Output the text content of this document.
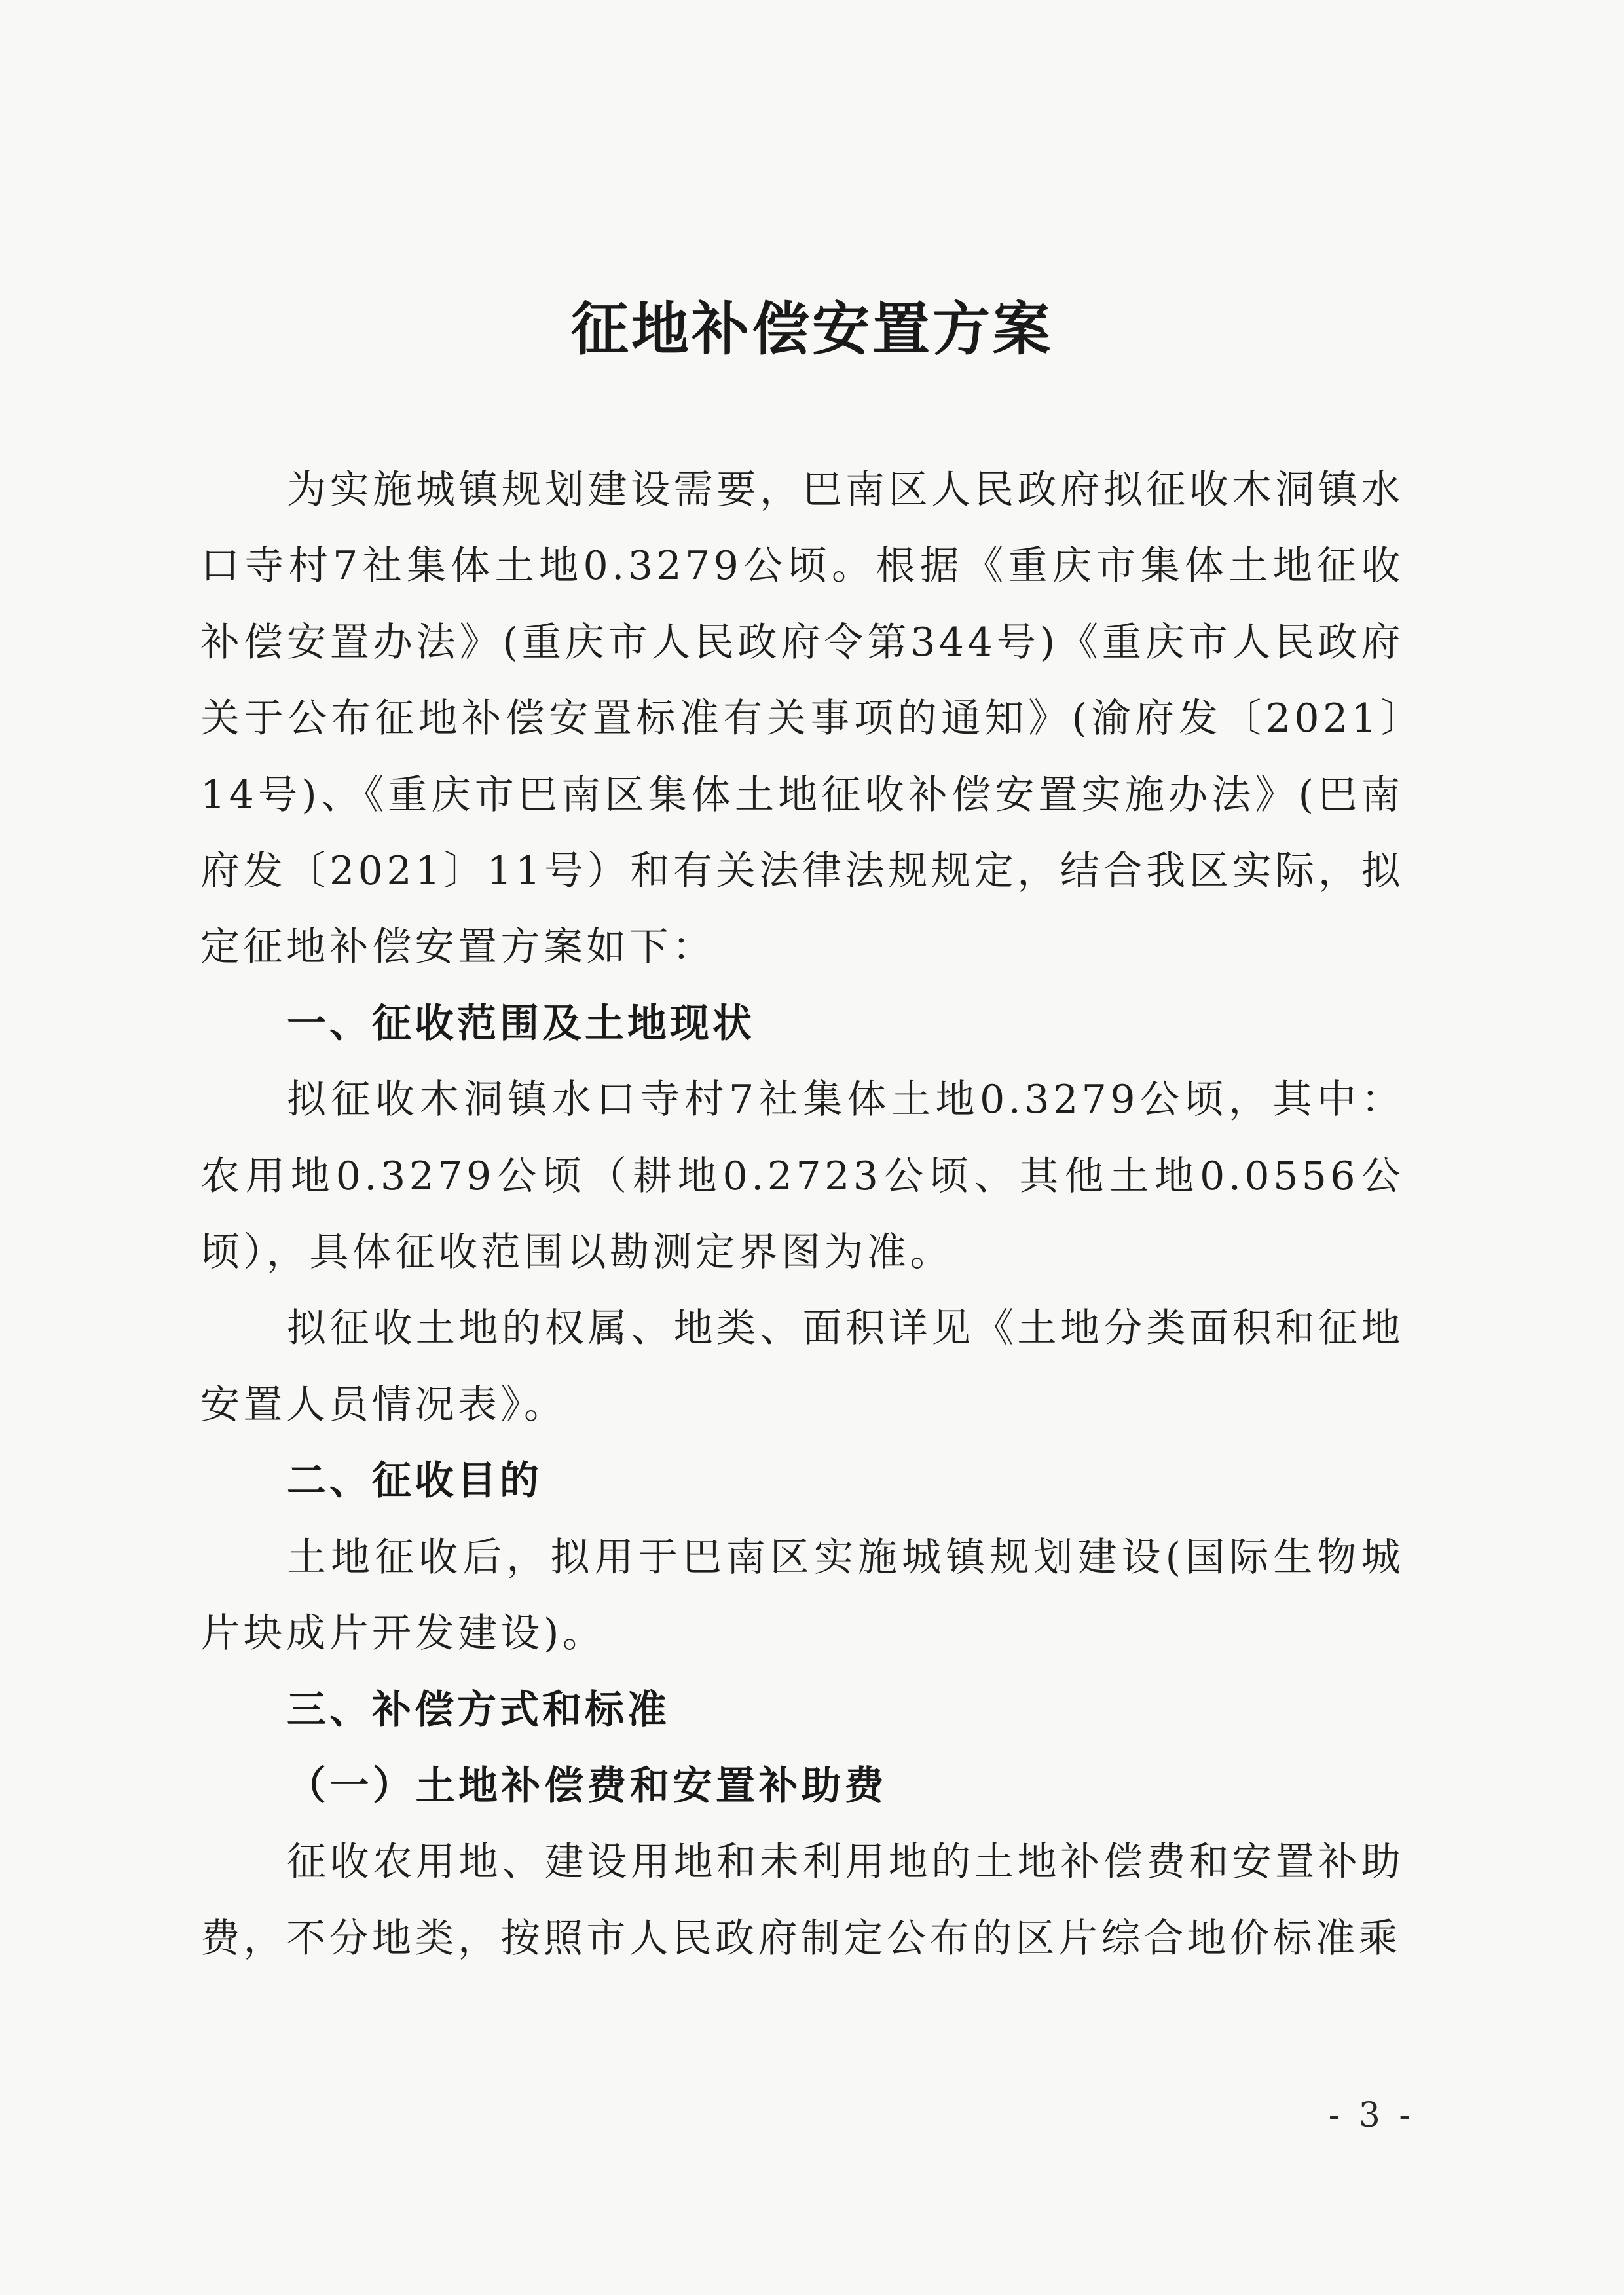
征地补偿安置方案

为实施城镇规划建设需要，巴南区人民政府拟征收木洞镇水口寺村7社集体土地0.3279公顷。根据《重庆市集体土地征收补偿安置办法》(重庆市人民政府令第344号)《重庆市人民政府关于公布征地补偿安置标准有关事项的通知》(渝府发〔2021〕14号)、《重庆市巴南区集体土地征收补偿安置实施办法》(巴南府发〔2021〕11号）和有关法律法规规定，结合我区实际，拟定征地补偿安置方案如下：

一、征收范围及土地现状

拟征收木洞镇水口寺村7社集体土地0.3279公顷，其中：农用地0.3279公顷（耕地0.2723公顷、其他土地0.0556公顷），具体征收范围以勘测定界图为准。

拟征收土地的权属、地类、面积详见《土地分类面积和征地安置人员情况表》。

二、征收目的

土地征收后，拟用于巴南区实施城镇规划建设(国际生物城片块成片开发建设)。

三、补偿方式和标准

（一）土地补偿费和安置补助费

征收农用地、建设用地和未利用地的土地补偿费和安置补助费，不分地类，按照市人民政府制定公布的区片综合地价标准乘

- 3 -
